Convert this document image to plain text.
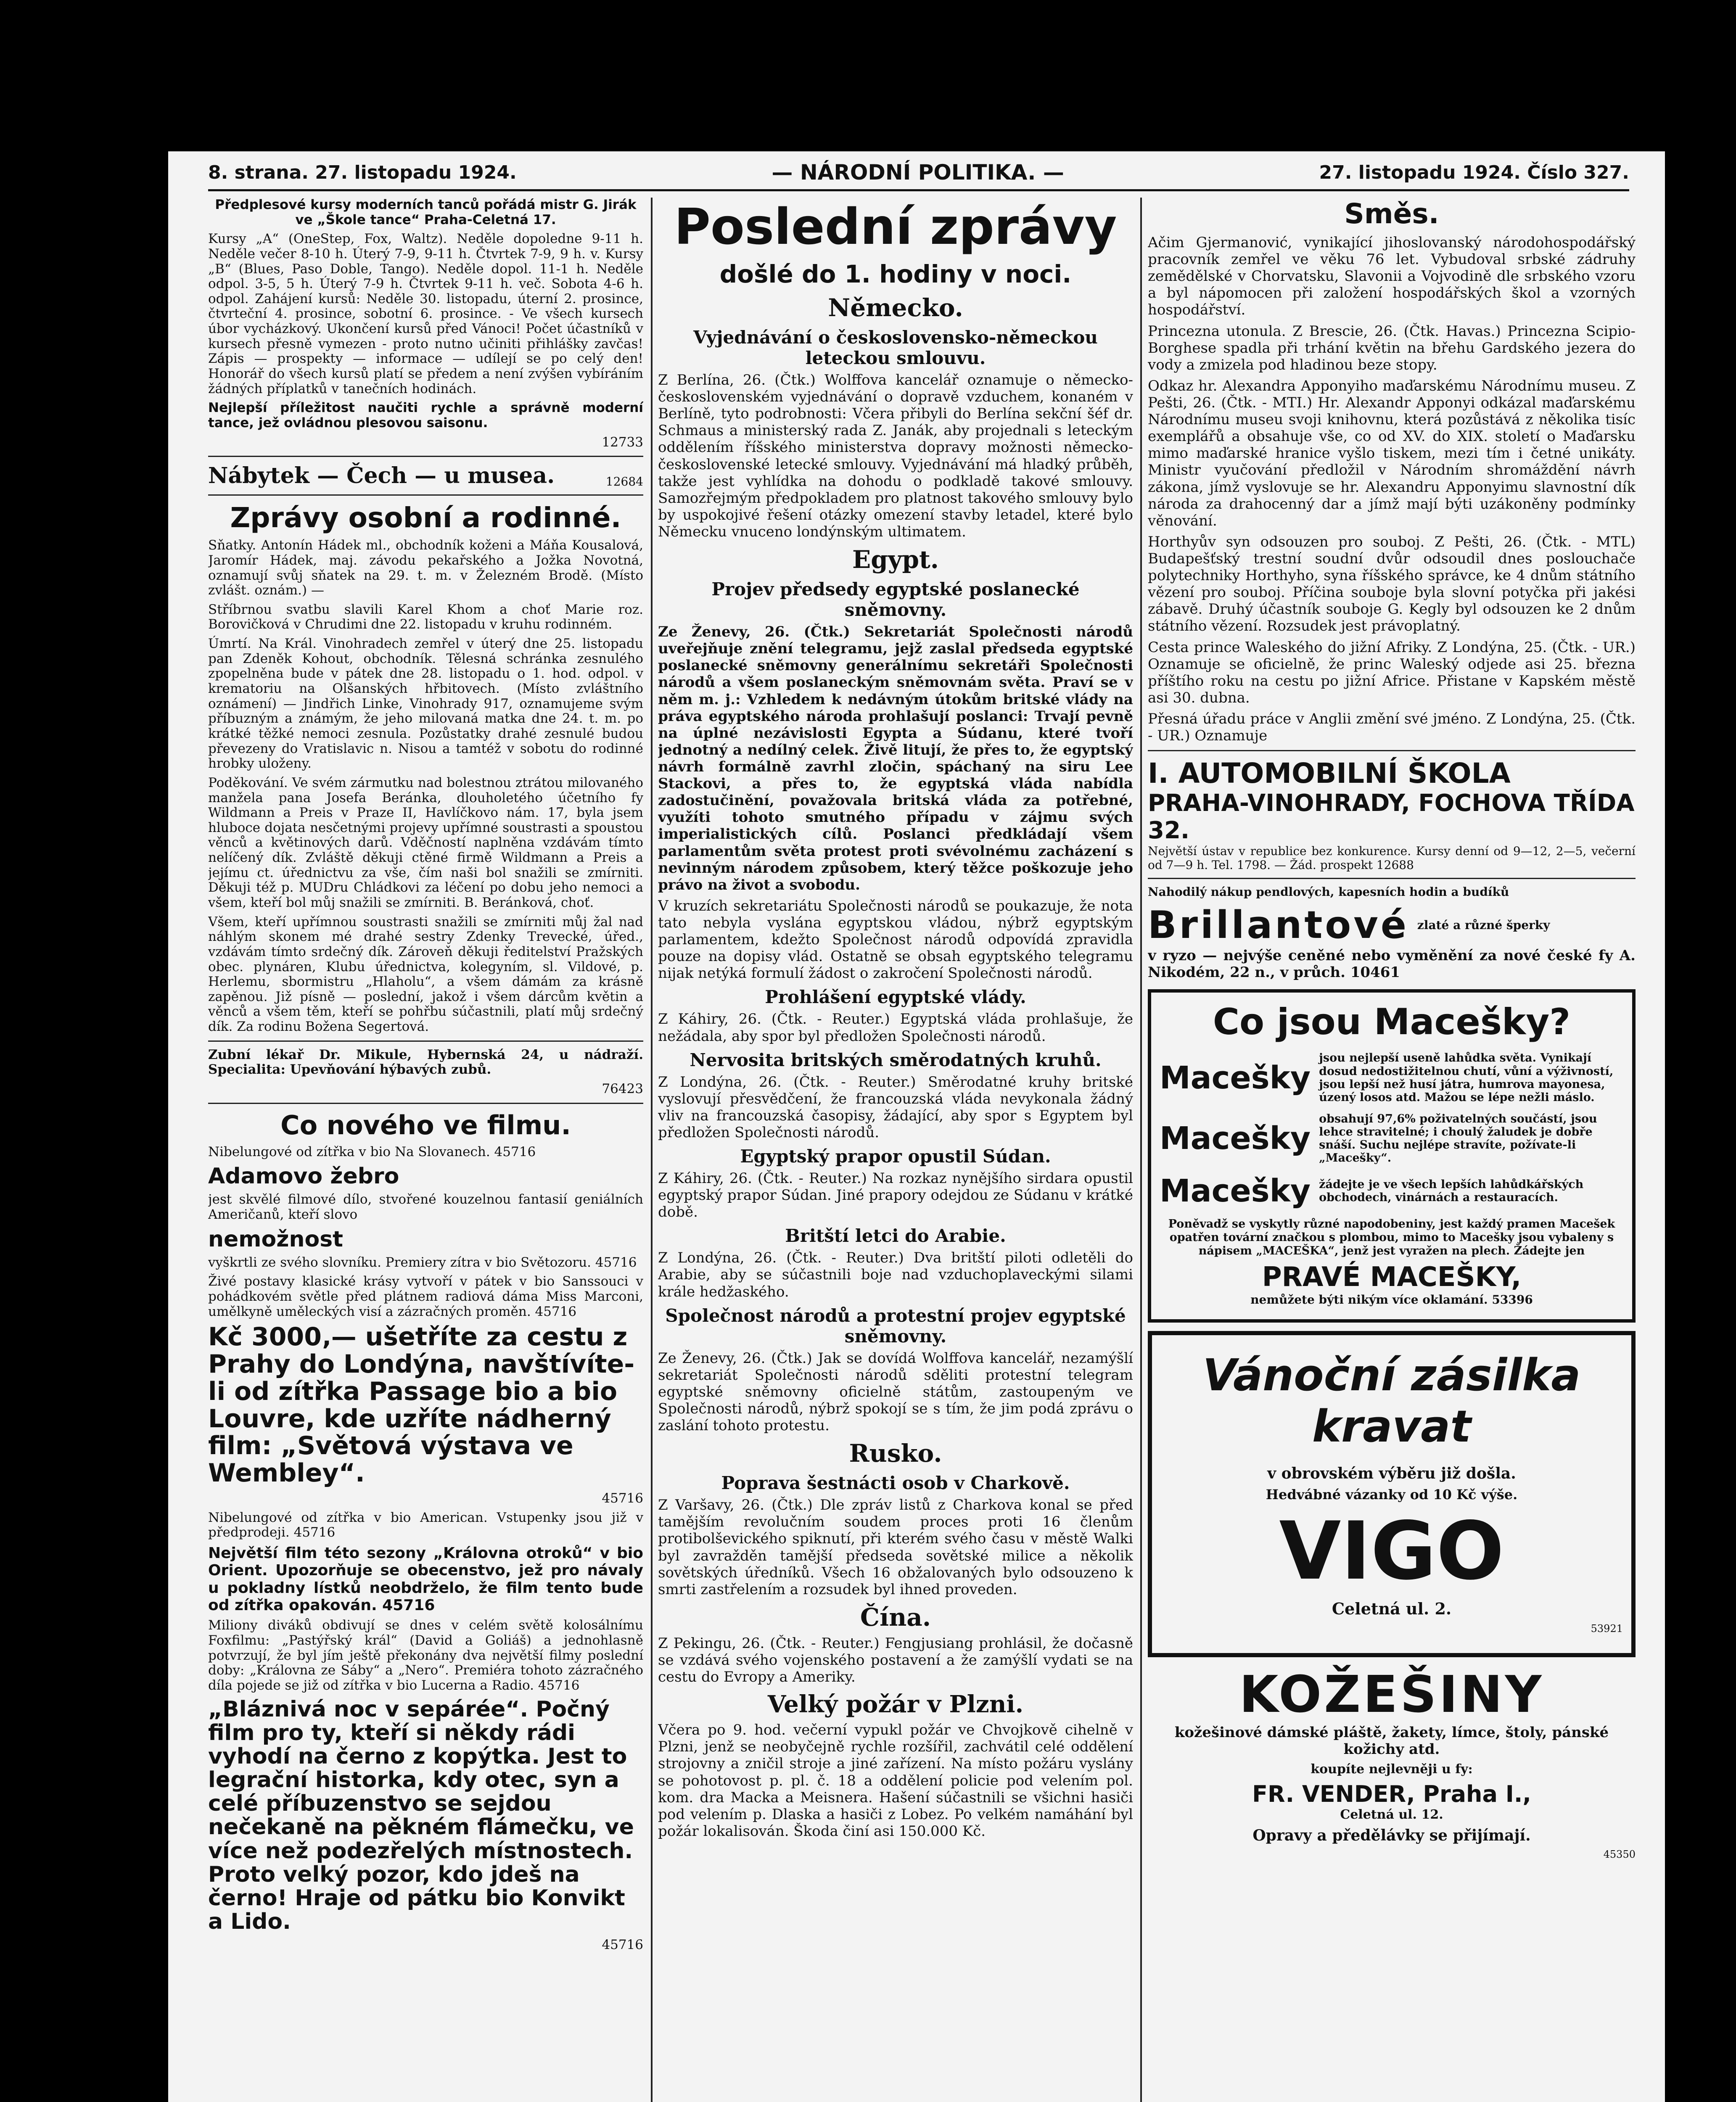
8. strana. 27. listopadu 1924.	— NÁRODNÍ POLITIKA. —	27. listopadu 1924. Číslo 327.

Předplesové kursy moderních tanců pořádá mistr G. Jirák ve „Škole tance“ Praha-Celetná 17.

Kursy „A“ (OneStep, Fox, Waltz). Neděle dopoledne 9-11 h. Neděle večer 8-10 h. Úterý 7-9, 9-11 h. Čtvrtek 7-9, 9 h. v. Kursy „B“ (Blues, Paso Doble, Tango). Neděle dopol. 11-1 h. Neděle odpol. 3-5, 5 h. Úterý 7-9 h. Čtvrtek 9-11 h. več. Sobota 4-6 h. odpol. Zahájení kursů: Neděle 30. listopadu, úterní 2. prosince, čtvrteční 4. prosince, sobotní 6. prosince. - Ve všech kursech úbor vycházkový. Ukončení kursů před Vánoci! Počet účastníků v kursech přesně vymezen - proto nutno učiniti přihlášky zavčas! Zápis — prospekty — informace — udílejí se po celý den! Honorář do všech kursů platí se předem a není zvýšen vybíráním žádných příplatků v tanečních hodinách.

Nejlepší příležitost naučiti rychle a správně moderní tance, jež ovládnou plesovou saisonu.

12733

Nábytek — Čech — u musea.	12684
Zprávy osobní a rodinné.

Sňatky. Antonín Hádek ml., obchodník koženi a Máňa Kousalová, Jaromír Hádek, maj. závodu pekařského a Jožka Novotná, oznamují svůj sňatek na 29. t. m. v Železném Brodě. (Místo zvlášt. oznám.) —

Stříbrnou svatbu slavili Karel Khom a choť Marie roz. Borovičková v Chrudimi dne 22. listopadu v kruhu rodinném.

Úmrtí. Na Král. Vinohradech zemřel v úterý dne 25. listopadu pan Zdeněk Kohout, obchodník. Tělesná schránka zesnulého zpopelněna bude v pátek dne 28. listopadu o 1. hod. odpol. v krematoriu na Olšanských hřbitovech. (Místo zvláštního oznámení) — Jindřich Linke, Vinohrady 917, oznamujeme svým příbuzným a známým, že jeho milovaná matka dne 24. t. m. po krátké těžké nemoci zesnula. Pozůstatky drahé zesnulé budou převezeny do Vratislavic n. Nisou a tamtéž v sobotu do rodinné hrobky uloženy.

Poděkování. Ve svém zármutku nad bolestnou ztrátou milovaného manžela pana Josefa Beránka, dlouholetého účetního fy Wildmann a Preis v Praze II, Havlíčkovo nám. 17, byla jsem hluboce dojata nesčetnými projevy upřímné soustrasti a spoustou věnců a květinových darů. Vděčností naplněna vzdávám tímto nelíčený dík. Zvláště děkuji ctěné firmě Wildmann a Preis a jejímu ct. úřednictvu za vše, čím naši bol snažili se zmírniti. Děkuji též p. MUDru Chládkovi za léčení po dobu jeho nemoci a všem, kteří bol můj snažili se zmírniti. B. Beránková, choť.

Všem, kteří upřímnou soustrasti snažili se zmírniti můj žal nad náhlým skonem mé drahé sestry Zdenky Trevecké, úřed., vzdávám tímto srdečný dík. Zároveň děkuji ředitelství Pražských obec. plynáren, Klubu úřednictva, kolegyním, sl. Vildové, p. Herlemu, sbormistru „Hlaholu“, a všem dámám za krásně zapěnou. Již písně — poslední, jakož i všem dárcům květin a věnců a všem těm, kteří se pohřbu súčastnili, platí můj srdečný dík. Za rodinu Božena Segertová.

Zubní lékař Dr. Mikule, Hybernská 24, u nádraží. Specialita: Upevňování hýbavých zubů.

76423

Co nového ve filmu.

Nibelungové od zítřka v bio Na Slovanech. 45716

Adamovo žebro

jest skvělé filmové dílo, stvořené kouzelnou fantasií geniálních Američanů, kteří slovo

nemožnost

vyškrtli ze svého slovníku. Premiery zítra v bio Světozoru. 45716

Živé postavy klasické krásy vytvoří v pátek v bio Sanssouci v pohádkovém světle před plátnem radiová dáma Miss Marconi, umělkyně uměleckých visí a zázračných proměn. 45716

Kč 3000‚— ušetříte za cestu z Prahy do Londýna, navštívíte-li od zítřka Passage bio a bio Louvre, kde uzříte nádherný film: „Světová výstava ve Wembley“.

45716

Nibelungové od zítřka v bio American. Vstupenky jsou již v předprodeji. 45716

Největší film této sezony „Královna otroků“ v bio Orient. Upozorňuje se obecenstvo, jež pro návaly u pokladny lístků neobdrželo, že film tento bude od zítřka opakován. 45716

Miliony diváků obdivují se dnes v celém světě kolosálnímu Foxfilmu: „Pastýřský král“ (David a Goliáš) a jednohlasně potvrzují, že byl jím ještě překonány dva největší filmy poslední doby: „Královna ze Sáby“ a „Nero“. Premiéra tohoto zázračného díla pojede se již od zítřka v bio Lucerna a Radio. 45716

„Bláznivá noc v sepárée“. Počný film pro ty, kteří si někdy rádi vyhodí na černo z kopýtka. Jest to legrační historka, kdy otec, syn a celé příbuzenstvo se sejdou nečekaně na pěkném flámečku, ve více než podezřelých místnostech. Proto velký pozor, kdo jdeš na černo! Hraje od pátku bio Konvikt a Lido.

45716

Poslední zprávy
došlé do 1. hodiny v noci.
Německo.
Vyjednávání o československo-německou leteckou smlouvu.

Z Berlína, 26. (Čtk.) Wolffova kancelář oznamuje o německo-československém vyjednávání o dopravě vzduchem, konaném v Berlíně, tyto podrobnosti: Včera přibyli do Berlína sekční šéf dr. Schmaus a ministerský rada Z. Janák, aby projednali s leteckým oddělením říšského ministerstva dopravy možnosti německo-československé letecké smlouvy. Vyjednávání má hladký průběh, takže jest vyhlídka na dohodu o podkladě takové smlouvy. Samozřejmým předpokladem pro platnost takového smlouvy bylo by uspokojivé řešení otázky omezení stavby letadel, které bylo Německu vnuceno londýnským ultimatem.

Egypt.
Projev předsedy egyptské poslanecké sněmovny.

Ze Ženevy, 26. (Čtk.) Sekretariát Společnosti národů uveřejňuje znění telegramu, jejž zaslal předseda egyptské poslanecké sněmovny generálnímu sekretáři Společnosti národů a všem poslaneckým sněmovnám světa. Praví se v něm m. j.: Vzhledem k nedávným útokům britské vlády na práva egyptského národa prohlašují poslanci: Trvají pevně na úplné nezávislosti Egypta a Súdanu, které tvoří jednotný a nedílný celek. Živě litují, že přes to, že egyptský návrh formálně zavrhl zločin, spáchaný na siru Lee Stackovi, a přes to, že egyptská vláda nabídla zadostučinění, považovala britská vláda za potřebné, využíti tohoto smutného případu v zájmu svých imperialistických cílů. Poslanci předkládají všem parlamentům světa protest proti svévolnému zacházení s nevinným národem způsobem, který těžce poškozuje jeho právo na život a svobodu.

V kruzích sekretariátu Společnosti národů se poukazuje, že nota tato nebyla vyslána egyptskou vládou, nýbrž egyptským parlamentem, kdežto Společnost národů odpovídá zpravidla pouze na dopisy vlád. Ostatně se obsah egyptského telegramu nijak netýká formulí žádost o zakročení Společnosti národů.

Prohlášení egyptské vlády.

Z Káhiry, 26. (Čtk. - Reuter.) Egyptská vláda prohlašuje, že nežádala, aby spor byl předložen Společnosti národů.

Nervosita britských směrodatných kruhů.

Z Londýna, 26. (Čtk. - Reuter.) Směrodatné kruhy britské vyslovují přesvědčení, že francouzská vláda nevykonala žádný vliv na francouzská časopisy, žádající, aby spor s Egyptem byl předložen Společnosti národů.

Egyptský prapor opustil Súdan.

Z Káhiry, 26. (Čtk. - Reuter.) Na rozkaz nynějšího sirdara opustil egyptský prapor Súdan. Jiné prapory odejdou ze Súdanu v krátké době.

Britští letci do Arabie.

Z Londýna, 26. (Čtk. - Reuter.) Dva britští piloti odletěli do Arabie, aby se súčastnili boje nad vzduchoplaveckými silami krále hedžaského.

Společnost národů a protestní projev egyptské sněmovny.

Ze Ženevy, 26. (Čtk.) Jak se dovídá Wolffova kancelář, nezamýšlí sekretariát Společnosti národů sděliti protestní telegram egyptské sněmovny oficielně státům, zastoupeným ve Společnosti národů, nýbrž spokojí se s tím, že jim podá zprávu o zaslání tohoto protestu.

Rusko.
Poprava šestnácti osob v Charkově.

Z Varšavy, 26. (Čtk.) Dle zpráv listů z Charkova konal se před tamějším revolučním soudem proces proti 16 členům protibolševického spiknutí, při kterém svého času v městě Walki byl zavražděn tamější předseda sovětské milice a několik sovětských úředníků. Všech 16 obžalovaných bylo odsouzeno k smrti zastřelením a rozsudek byl ihned proveden.

Čína.

Z Pekingu, 26. (Čtk. - Reuter.) Fengjusiang prohlásil, že dočasně se vzdává svého vojenského postavení a že zamýšlí vydati se na cestu do Evropy a Ameriky.

Velký požár v Plzni.

Včera po 9. hod. večerní vypukl požár ve Chvojkově cihelně v Plzni, jenž se neobyčejně rychle rozšířil, zachvátil celé oddělení strojovny a zničil stroje a jiné zařízení. Na místo požáru vyslány se pohotovost p. pl. č. 18 a oddělení policie pod velením pol. kom. dra Macka a Meisnera. Hašení súčastnili se všichni hasiči pod velením p. Dlaska a hasiči z Lobez. Po velkém namáhání byl požár lokalisován. Škoda činí asi 150.000 Kč.

Směs.

Ačim Gjermanović, vynikající jihoslovanský národohospodářský pracovník zemřel ve věku 76 let. Vybudoval srbské zádruhy zemědělské v Chorvatsku, Slavonii a Vojvodině dle srbského vzoru a byl nápomocen při založení hospodářských škol a vzorných hospodářství.

Princezna utonula. Z Brescie, 26. (Čtk. Havas.) Princezna Scipio-Borghese spadla při trhání květin na břehu Gardského jezera do vody a zmizela pod hladinou beze stopy.

Odkaz hr. Alexandra Apponyiho maďarskému Národnímu museu. Z Pešti, 26. (Čtk. - MTI.) Hr. Alexandr Apponyi odkázal maďarskému Národnímu museu svoji knihovnu, která pozůstává z několika tisíc exemplářů a obsahuje vše, co od XV. do XIX. století o Maďarsku mimo maďarské hranice vyšlo tiskem, mezi tím i četné unikáty. Ministr vyučování předložil v Národním shromáždění návrh zákona, jímž vyslovuje se hr. Alexandru Apponyimu slavnostní dík národa za drahocenný dar a jímž mají býti uzákoněny podmínky věnování.

Horthyův syn odsouzen pro souboj. Z Pešti, 26. (Čtk. - MTL) Budapešťský trestní soudní dvůr odsoudil dnes poslouchače polytechniky Horthyho, syna říšského správce, ke 4 dnům státního vězení pro souboj. Příčina souboje byla slovní potyčka při jakési zábavě. Druhý účastník souboje G. Kegly byl odsouzen ke 2 dnům státního vězení. Rozsudek jest právoplatný.

Cesta prince Waleského do jižní Afriky. Z Londýna, 25. (Čtk. - UR.) Oznamuje se oficielně, že princ Waleský odjede asi 25. března příštího roku na cestu po jižní Africe. Přistane v Kapském městě asi 30. dubna.

Přesná úřadu práce v Anglii změní své jméno. Z Londýna, 25. (Čtk. - UR.) Oznamuje

I. AUTOMOBILNÍ ŠKOLA
PRAHA-VINOHRADY, FOCHOVA TŘÍDA 32.

Největší ústav v republice bez konkurence. Kursy denní od 9—12, 2—5, večerní od 7—9 h. Tel. 1798. — Žád. prospekt 12688

Nahodilý nákup pendlových, kapesních hodin a budíků

Brillantové zlaté a různé šperky

v ryzo — nejvýše ceněné nebo vyměnění za nové české fy A. Nikodém, 22 n., v průch. 10461

Co jsou Macešky?
Macešky
jsou nejlepší useně lahůdka světa. Vynikají dosud nedostižitelnou chutí, vůní a výživností, jsou lepší než husí játra, humrova mayonesa, úzený losos atd. Mažou se lépe nežli máslo.
Macešky
obsahují 97,6% poživatelných součástí, jsou lehce stravitelné; i choulý žaludek je dobře snáší. Suchu nejlépe stravíte, požívate-li „Macešky“.
Macešky žádejte je ve všech lepších lahůdkářských obchodech, vinárnách a restauracích.

Poněvadž se vyskytly různé napodobeniny, jest každý pramen Macešek opatřen tovární značkou s plombou, mimo to Macešky jsou vybaleny s nápisem „MACEŠKA“, jenž jest vyražen na plech. Žádejte jen

PRAVÉ MACEŠKY,

nemůžete býti nikým více oklamání. 53396

Vánoční zásilka
kravat

v obrovském výběru již došla.

Hedvábné vázanky od 10 Kč výše.

VIGO

Celetná ul. 2.

53921

KOŽEŠINY

kožešinové dámské pláště, žakety, límce, štoly, pánské kožichy atd.

koupíte nejlevněji u fy:

FR. VENDER, Praha I.,

Celetná ul. 12.

Opravy a předělávky se přijímají.

45350
